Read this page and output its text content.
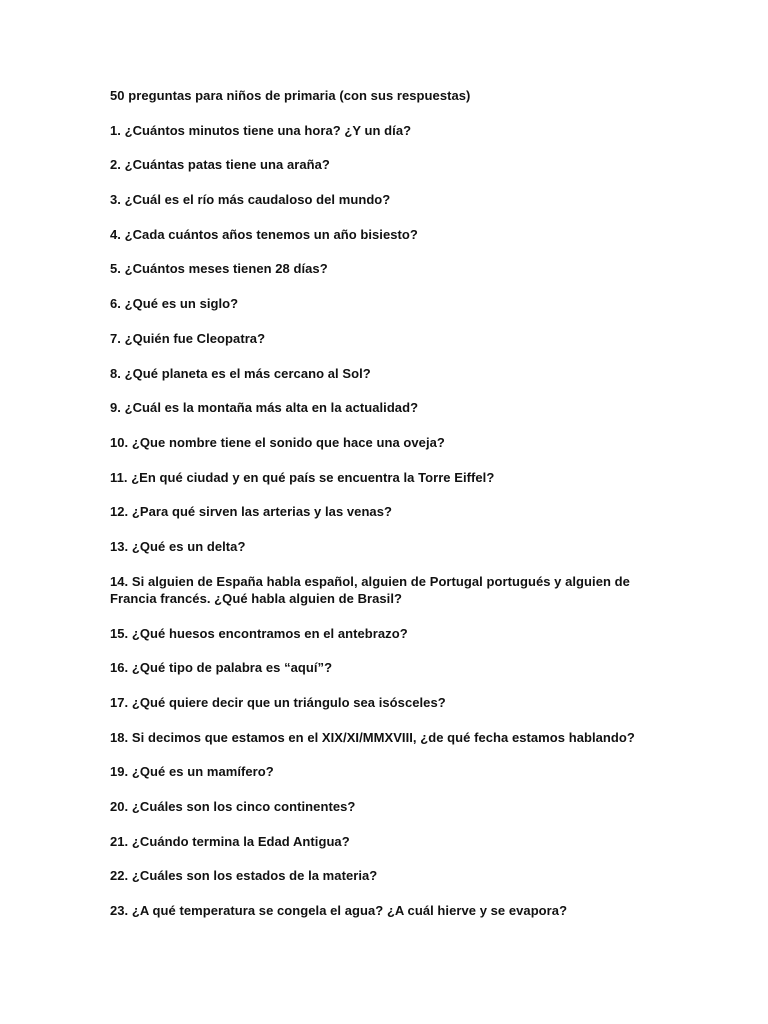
50 preguntas para niños de primaria (con sus respuestas)

1. ¿Cuántos minutos tiene una hora? ¿Y un día?

2. ¿Cuántas patas tiene una araña?

3. ¿Cuál es el río más caudaloso del mundo?

4. ¿Cada cuántos años tenemos un año bisiesto?

5. ¿Cuántos meses tienen 28 días?

6. ¿Qué es un siglo?

7. ¿Quién fue Cleopatra?

8. ¿Qué planeta es el más cercano al Sol?

9. ¿Cuál es la montaña más alta en la actualidad?

10. ¿Que nombre tiene el sonido que hace una oveja?

11. ¿En qué ciudad y en qué país se encuentra la Torre Eiffel?

12. ¿Para qué sirven las arterias y las venas?

13. ¿Qué es un delta?

14. Si alguien de España habla español, alguien de Portugal portugués y alguien de Francia francés. ¿Qué habla alguien de Brasil?

15. ¿Qué huesos encontramos en el antebrazo?

16. ¿Qué tipo de palabra es “aquí”?

17. ¿Qué quiere decir que un triángulo sea isósceles?

18. Si decimos que estamos en el XIX/XI/MMXVIII, ¿de qué fecha estamos hablando?

19. ¿Qué es un mamífero?

20. ¿Cuáles son los cinco continentes?

21. ¿Cuándo termina la Edad Antigua?

22. ¿Cuáles son los estados de la materia?

23. ¿A qué temperatura se congela el agua? ¿A cuál hierve y se evapora?
